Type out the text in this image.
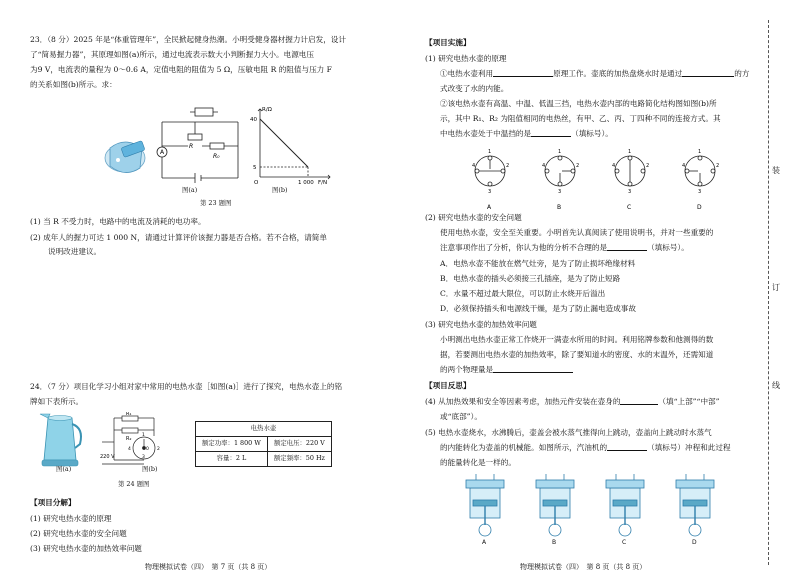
23．（8 分）2025 年是“体重管理年”，全民掀起健身热潮。小明受健身器材握力计启发，设计
了“简易握力器”，其原理如图(a)所示，通过电流表示数大小判断握力大小。电源电压
为9 V，电流表的量程为 0～0.6 A，定值电阻的阻值为 5 Ω，压敏电阻 R 的阻值与压力 F
的关系如图(b)所示。求：
A
R
R₀
图(a)
R/Ω
40
5
O	1 000 F/N
图(b)
第 23 题图
(1) 当 R 不受力时，电路中的电流及消耗的电功率。
(2) 成年人的握力可达 1 000 N，请通过计算评价该握力器是否合格。若不合格，请简单
说明改进建议。
24．（7 分）项目化学习小组对家中常用的电热水壶［如图(a)］进行了探究，电热水壶上的铭
牌如下表所示。
图(a)
R₁
R₂
1
2
3
4	0
220 V
图(b)
电热水壶	
额定功率：1 800 W	额定电压：220 V
容量：2 L	额定频率：50 Hz
第 24 题图
【项目分解】
(1) 研究电热水壶的原理
(2) 研究电热水壶的安全问题
(3) 研究电热水壶的加热效率问题
物理模拟试卷（四）　第 7 页（共 8 页）
【项目实施】
(1) 研究电热水壶的原理
①电热水壶利用	原理工作。壶底的加热盘烧水时是通过	的方
式改变了水的内能。
②该电热水壶有高温、中温、低温三挡，电热水壶内部的电路简化结构图如图(b)所
示，其中 R₁、R₂ 为阻值相同的电热丝，有甲、乙、丙、丁四种不同的连接方式。其
中电热水壶处于中温挡的是	（填标号）。
1
4	2
3
1
4	2
3
1
4	2
3
1
4	2
3
A	B	C	D
(2) 研究电热水壶的安全问题
使用电热水壶，安全至关重要。小明首先认真阅读了使用说明书，并对一些重要的
注意事项作出了分析，你认为他的分析不合理的是	（填标号）。
A．电热水壶不能放在燃气灶旁，是为了防止损坏绝缘材料
B．电热水壶的插头必须接三孔插座，是为了防止短路
C．水量不超过最大限位，可以防止水烧开后溢出
D．必须保持插头和电源线干燥，是为了防止漏电造成事故
(3) 研究电热水壶的加热效率问题
小明测出电热水壶正常工作烧开一满壶水所用的时间。利用铭牌参数和他测得的数
据，若要测出电热水壶的加热效率，除了要知道水的密度、水的末温外，还需知道
的两个物理量是
【项目反思】
(4) 从加热效果和安全等因素考虑，加热元件安装在壶身的	（填“上部”“中部”
或“底部”）。
(5) 电热水壶烧水，水沸腾后，壶盖会被水蒸气推得向上跳动，壶盖向上跳动时水蒸气
的内能转化为壶盖的机械能。如图所示，汽油机的	（填标号）冲程和此过程
的能量转化是一样的。
A	B	C	D
物理模拟试卷（四）　第 8 页（共 8 页）
装
订
线
